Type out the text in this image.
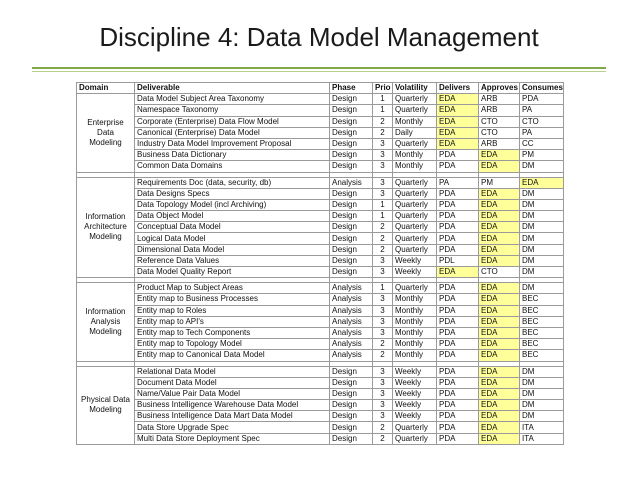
Discipline 4: Data Model Management
Domain	Deliverable	Phase	Prio	Volatility	Delivers	Approves	Consumes

Enterprise
Data
Modeling	Data Model Subject Area Taxonomy	Design	1	Quarterly	EDA	ARB	PDA
	Namespace Taxonomy	Design	1	Quarterly	EDA	ARB	PA
	Corporate (Enterprise) Data Flow Model	Design	2	Monthly	EDA	CTO	CTO
	Canonical (Enterprise) Data Model	Design	2	Daily	EDA	CTO	PA
	Industry Data Model Improvement Proposal	Design	3	Quarterly	EDA	ARB	CC
	Business Data Dictionary	Design	3	Monthly	PDA	EDA	PM
	Common Data Domains	Design	3	Monthly	PDA	EDA	DM

Information
Architecture
Modeling	Requirements Doc (data, security, db)	Analysis	3	Quarterly	PA	PM	EDA
	Data Designs Specs	Design	3	Quarterly	PDA	EDA	DM
	Data Topology Model (incl Archiving)	Design	1	Quarterly	PDA	EDA	DM
	Data Object Model	Design	1	Quarterly	PDA	EDA	DM
	Conceptual Data Model	Design	2	Quarterly	PDA	EDA	DM
	Logical Data Model	Design	2	Quarterly	PDA	EDA	DM
	Dimensional Data Model	Design	2	Quarterly	PDA	EDA	DM
	Reference Data Values	Design	3	Weekly	PDL	EDA	DM
	Data Model Quality Report	Design	3	Weekly	EDA	CTO	DM

Information
Analysis
Modeling	Product Map to Subject Areas	Analysis	1	Quarterly	PDA	EDA	DM
	Entity map to Business Processes	Analysis	3	Monthly	PDA	EDA	BEC
	Entity map to Roles	Analysis	3	Monthly	PDA	EDA	BEC
	Entity map to API's	Analysis	3	Monthly	PDA	EDA	BEC
	Entity map to Tech Components	Analysis	3	Monthly	PDA	EDA	BEC
	Entity map to Topology Model	Analysis	2	Monthly	PDA	EDA	BEC
	Entity map to Canonical Data Model	Analysis	2	Monthly	PDA	EDA	BEC

Physical Data
Modeling	Relational Data Model	Design	3	Weekly	PDA	EDA	DM
	Document Data Model	Design	3	Weekly	PDA	EDA	DM
	Name/Value Pair Data Model	Design	3	Weekly	PDA	EDA	DM
	Business Intelligence Warehouse Data Model	Design	3	Weekly	PDA	EDA	DM
	Business Intelligence Data Mart Data Model	Design	3	Weekly	PDA	EDA	DM
	Data Store Upgrade Spec	Design	2	Quarterly	PDA	EDA	ITA
	Multi Data Store Deployment Spec	Design	2	Quarterly	PDA	EDA	ITA
